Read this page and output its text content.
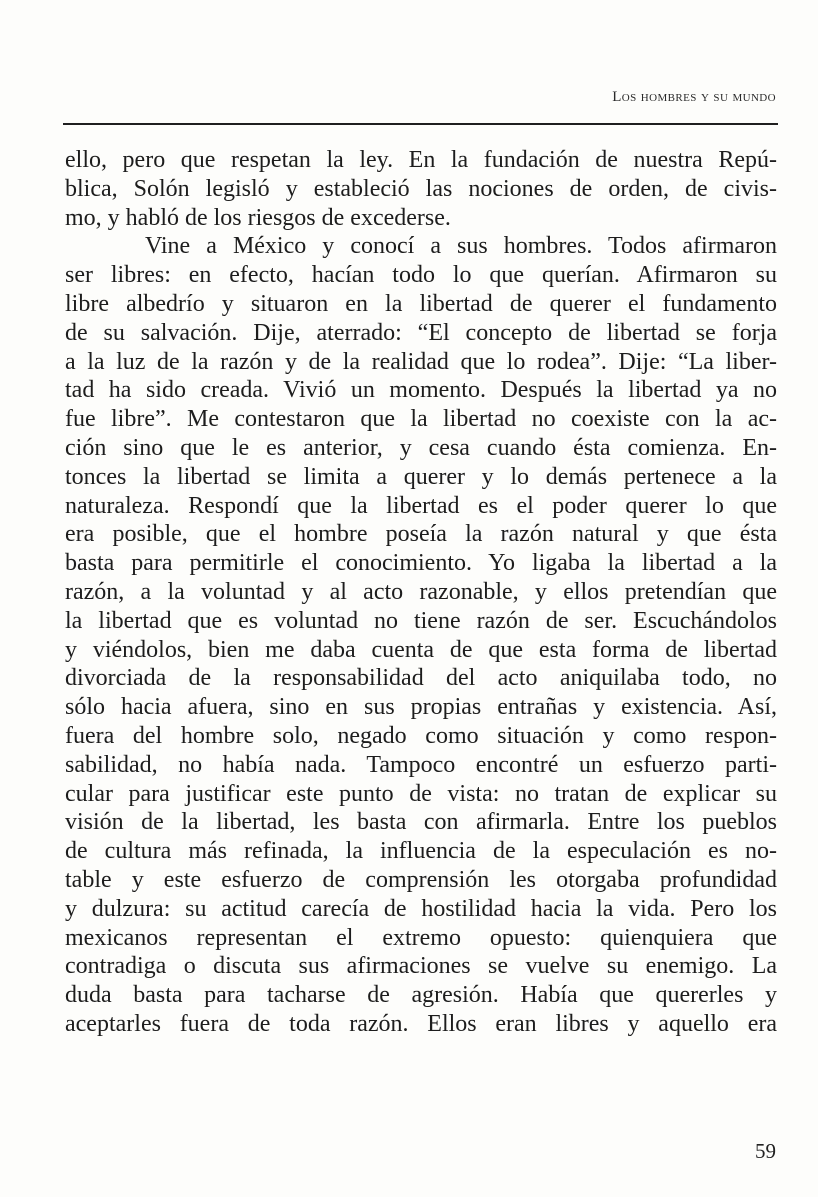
Los hombres y su mundo
ello, pero que respetan la ley. En la fundación de nuestra Repú-
blica, Solón legisló y estableció las nociones de orden, de civis-
mo, y habló de los riesgos de excederse.
Vine a México y conocí a sus hombres. Todos afirmaron
ser libres: en efecto, hacían todo lo que querían. Afirmaron su
libre albedrío y situaron en la libertad de querer el fundamento
de su salvación. Dije, aterrado: “El concepto de libertad se forja
a la luz de la razón y de la realidad que lo rodea”. Dije: “La liber-
tad ha sido creada. Vivió un momento. Después la libertad ya no
fue libre”. Me contestaron que la libertad no coexiste con la ac-
ción sino que le es anterior, y cesa cuando ésta comienza. En-
tonces la libertad se limita a querer y lo demás pertenece a la
naturaleza. Respondí que la libertad es el poder querer lo que
era posible, que el hombre poseía la razón natural y que ésta
basta para permitirle el conocimiento. Yo ligaba la libertad a la
razón, a la voluntad y al acto razonable, y ellos pretendían que
la libertad que es voluntad no tiene razón de ser. Escuchándolos
y viéndolos, bien me daba cuenta de que esta forma de libertad
divorciada de la responsabilidad del acto aniquilaba todo, no
sólo hacia afuera, sino en sus propias entrañas y existencia. Así,
fuera del hombre solo, negado como situación y como respon-
sabilidad, no había nada. Tampoco encontré un esfuerzo parti-
cular para justificar este punto de vista: no tratan de explicar su
visión de la libertad, les basta con afirmarla. Entre los pueblos
de cultura más refinada, la influencia de la especulación es no-
table y este esfuerzo de comprensión les otorgaba profundidad
y dulzura: su actitud carecía de hostilidad hacia la vida. Pero los
mexicanos representan el extremo opuesto: quienquiera que
contradiga o discuta sus afirmaciones se vuelve su enemigo. La
duda basta para tacharse de agresión. Había que quererles y
aceptarles fuera de toda razón. Ellos eran libres y aquello era
59
